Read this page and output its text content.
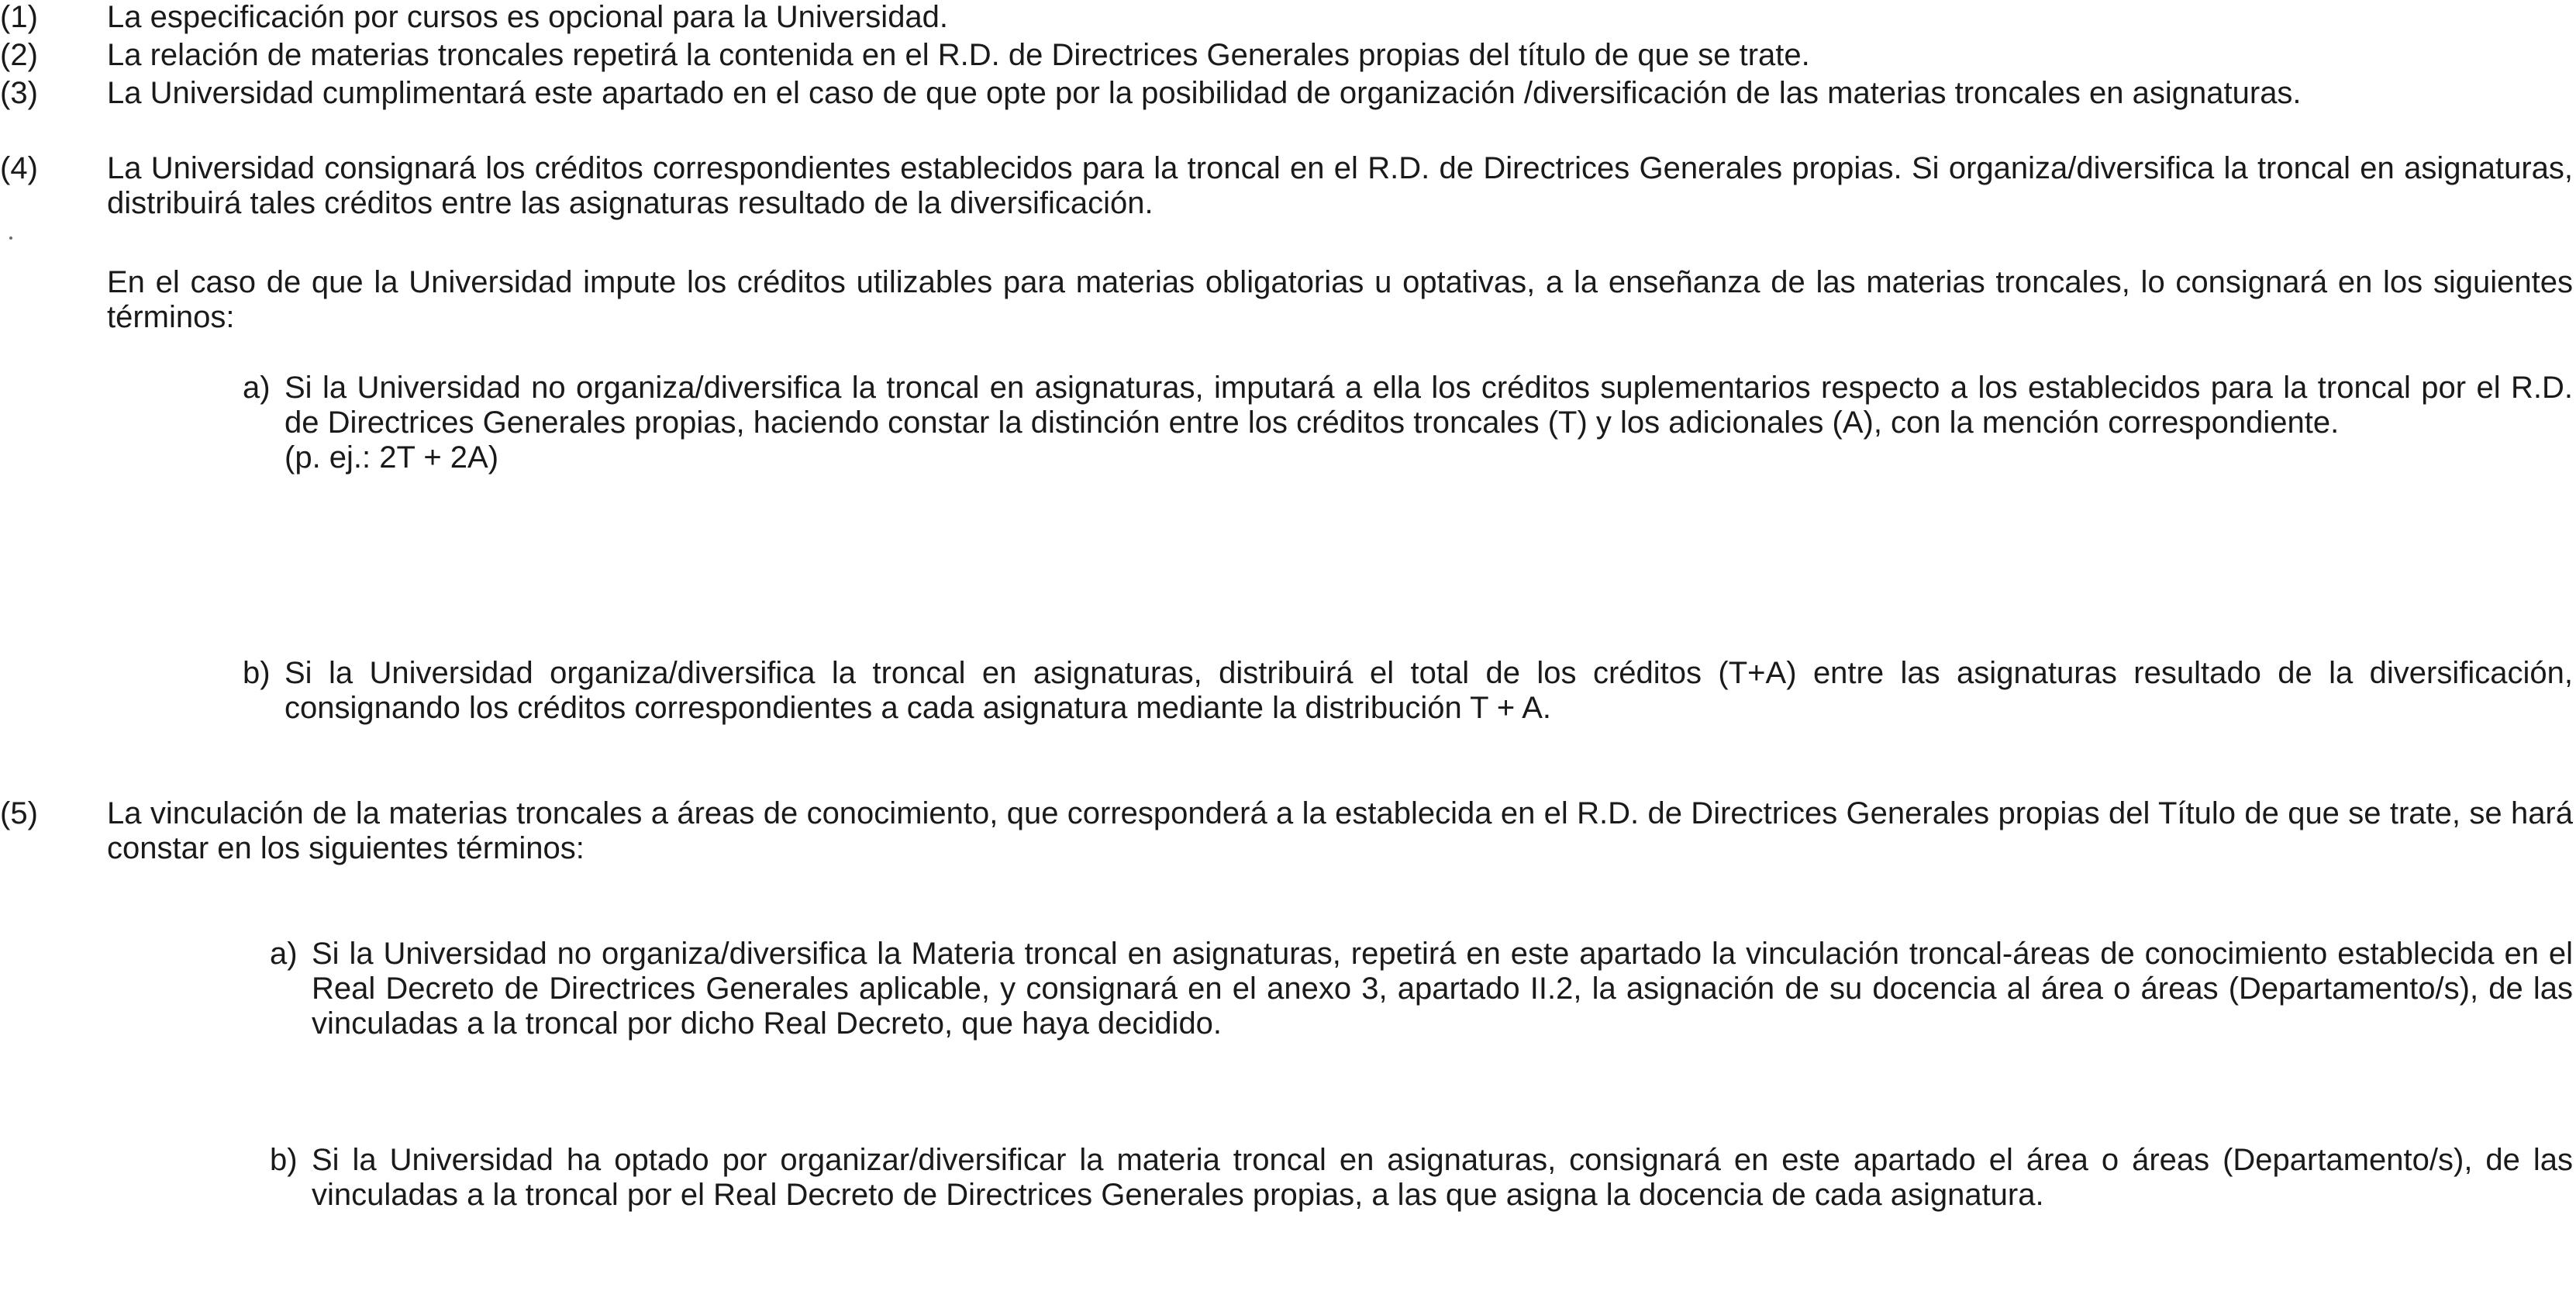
(1) La especificación por cursos es opcional para la Universidad.
(2) La relación de materias troncales repetirá la contenida en el R.D. de Directrices Generales propias del título de que se trate.
(3) La Universidad cumplimentará este apartado en el caso de que opte por la posibilidad de organización /diversificación de las materias troncales en asignaturas.
(4) La Universidad consignará los créditos correspondientes establecidos para la troncal en el R.D. de Directrices Generales propias. Si organiza/diversifica la troncal en asignaturas, distribuirá tales créditos entre las asignaturas resultado de la diversificación.
En el caso de que la Universidad impute los créditos utilizables para materias obligatorias u optativas, a la enseñanza de las materias troncales, lo consignará en los siguientes términos:
a) Si la Universidad no organiza/diversifica la troncal en asignaturas, imputará a ella los créditos suplementarios respecto a los establecidos para la troncal por el R.D. de Directrices Generales propias, haciendo constar la distinción entre los créditos troncales (T) y los adicionales (A), con la mención correspondiente.
(p. ej.: 2T + 2A)
b) Si la Universidad organiza/diversifica la troncal en asignaturas, distribuirá el total de los créditos (T+A) entre las asignaturas resultado de la diversificación, consignando los créditos correspondientes a cada asignatura mediante la distribución T + A.
(5) La vinculación de la materias troncales a áreas de conocimiento, que corresponderá a la establecida en el R.D. de Directrices Generales propias del Título de que se trate, se hará constar en los siguientes términos:
a) Si la Universidad no organiza/diversifica la Materia troncal en asignaturas, repetirá en este apartado la vinculación troncal-áreas de conocimiento establecida en el Real Decreto de Directrices Generales aplicable, y consignará en el anexo 3, apartado II.2, la asignación de su docencia al área o áreas (Departamento/s), de las vinculadas a la troncal por dicho Real Decreto, que haya decidido.
b) Si la Universidad ha optado por organizar/diversificar la materia troncal en asignaturas, consignará en este apartado el área o áreas (Departamento/s), de las vinculadas a la troncal por el Real Decreto de Directrices Generales propias, a las que asigna la docencia de cada asignatura.
